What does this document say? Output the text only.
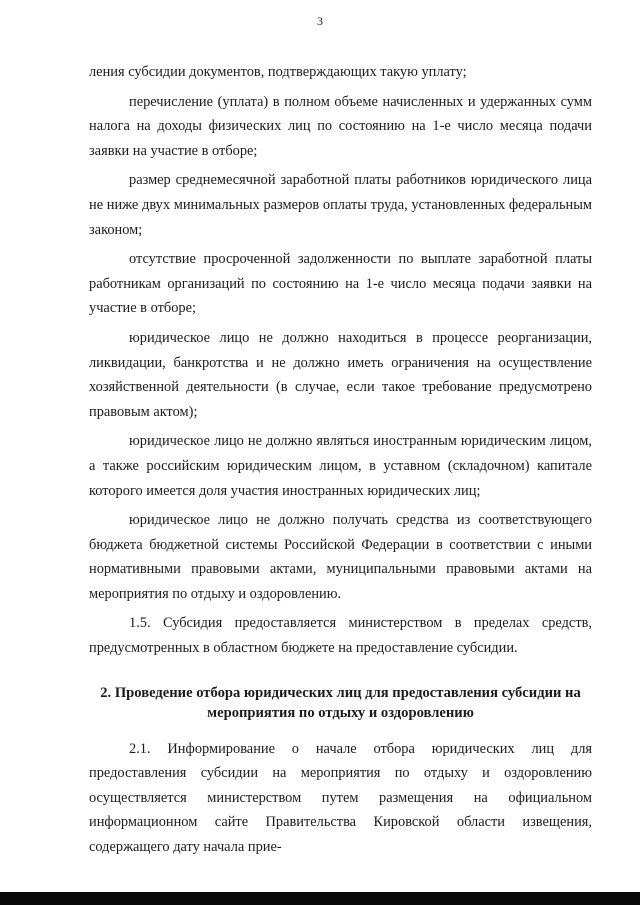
3

ления субсидии документов, подтверждающих такую уплату;

перечисление (уплата) в полном объеме начисленных и удержанных сумм налога на доходы физических лиц по состоянию на 1-е число месяца подачи заявки на участие в отборе;

размер среднемесячной заработной платы работников юридического лица не ниже двух минимальных размеров оплаты труда, установленных федеральным законом;

отсутствие просроченной задолженности по выплате заработной платы работникам организаций по состоянию на 1-е число месяца подачи заявки на участие в отборе;

юридическое лицо не должно находиться в процессе реорганизации, ликвидации, банкротства и не должно иметь ограничения на осуществление хозяйственной деятельности (в случае, если такое требование предусмотрено правовым актом);

юридическое лицо не должно являться иностранным юридическим лицом, а также российским юридическим лицом, в уставном (складочном) капитале которого имеется доля участия иностранных юридических лиц;

юридическое лицо не должно получать средства из соответствующего бюджета бюджетной системы Российской Федерации в соответствии с иными нормативными правовыми актами, муниципальными правовыми актами на мероприятия по отдыху и оздоровлению.

1.5. Субсидия предоставляется министерством в пределах средств, предусмотренных в областном бюджете на предоставление субсидии.

2. Проведение отбора юридических лиц для предоставления субсидии на мероприятия по отдыху и оздоровлению

2.1. Информирование о начале отбора юридических лиц для предоставления субсидии на мероприятия по отдыху и оздоровлению осуществляется министерством путем размещения на официальном информационном сайте Правительства Кировской области извещения, содержащего дату начала прие-
